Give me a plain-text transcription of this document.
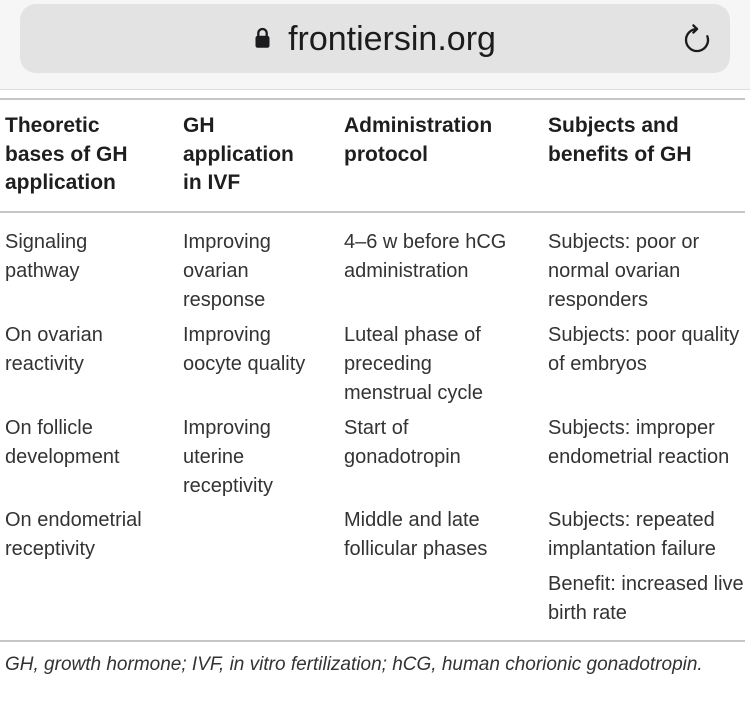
frontiersin.org
Theoretic
bases of GH
application
GH
application
in IVF
Administration
protocol
Subjects and
benefits of GH
Signaling
pathway
Improving
ovarian
response
4–6 w before hCG
administration
Subjects: poor or
normal ovarian
responders
On ovarian
reactivity
Improving
oocyte quality
Luteal phase of
preceding
menstrual cycle
Subjects: poor quality
of embryos
On follicle
development
Improving
uterine
receptivity
Start of
gonadotropin
Subjects: improper
endometrial reaction
On endometrial
receptivity
Middle and late
follicular phases
Subjects: repeated
implantation failure
Benefit: increased live
birth rate
GH, growth hormone; IVF, in vitro fertilization; hCG, human chorionic gonadotropin.
